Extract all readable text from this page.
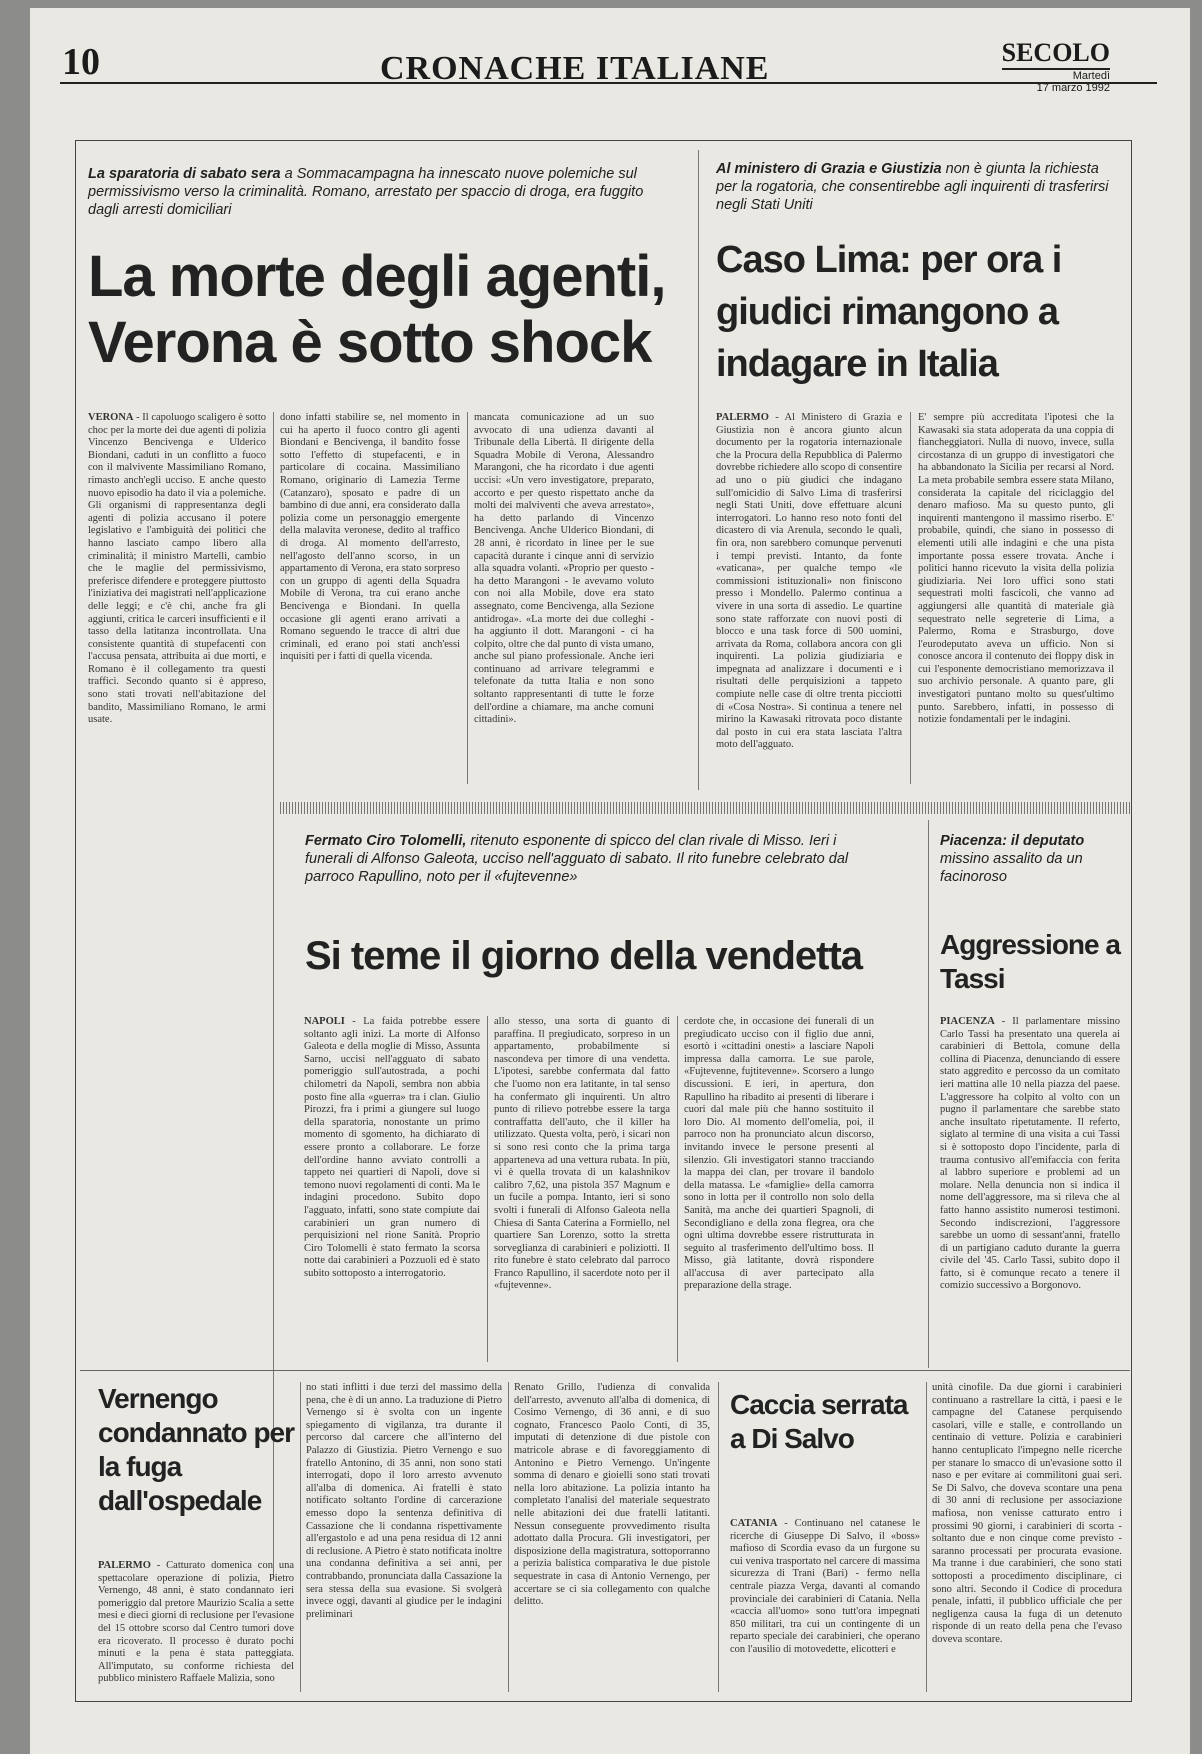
10	CRONACHE ITALIANE	SECOLO
Martedì
17 marzo 1992
La sparatoria di sabato sera a Sommacampagna ha innescato nuove polemiche sul permissivismo verso la criminalità. Romano, arrestato per spaccio di droga, era fuggito dagli arresti domiciliari
La morte degli agenti, Verona è sotto shock
VERONA - Il capoluogo scaligero è sotto choc per la morte dei due agenti di polizia Vincenzo Bencivenga e Ulderico Biondani, caduti in un conflitto a fuoco con il malvivente Massimiliano Romano, rimasto anch'egli ucciso. E anche questo nuovo episodio ha dato il via a polemiche. Gli organismi di rappresentanza degli agenti di polizia accusano il potere legislativo e l'ambiguità dei politici che hanno lasciato campo libero alla criminalità; il ministro Martelli, cambio che le maglie del permissivismo, preferisce difendere e proteggere piuttosto l'iniziativa dei magistrati nell'applicazione delle leggi; e c'è chi, anche fra gli aggiunti, critica le carceri insufficienti e il tasso della latitanza incontrollata. Una consistente quantità di stupefacenti con l'accusa pensata, attribuita ai due morti, e Romano è il collegamento tra questi traffici. Secondo quanto si è appreso, sono stati trovati nell'abitazione del bandito, Massimiliano Romano, le armi usate.
dono infatti stabilire se, nel momento in cui ha aperto il fuoco contro gli agenti Biondani e Bencivenga, il bandito fosse sotto l'effetto di stupefacenti, e in particolare di cocaina. Massimiliano Romano, originario di Lamezia Terme (Catanzaro), sposato e padre di un bambino di due anni, era considerato dalla polizia come un personaggio emergente della malavita veronese, dedito al traffico di droga. Al momento dell'arresto, nell'agosto dell'anno scorso, in un appartamento di Verona, era stato sorpreso con un gruppo di agenti della Squadra Mobile di Verona, tra cui erano anche Bencivenga e Biondani. In quella occasione gli agenti erano arrivati a Romano seguendo le tracce di altri due criminali, ed erano poi stati anch'essi inquisiti per i fatti di quella vicenda.
mancata comunicazione ad un suo avvocato di una udienza davanti al Tribunale della Libertà. Il dirigente della Squadra Mobile di Verona, Alessandro Marangoni, che ha ricordato i due agenti uccisi: «Un vero investigatore, preparato, accorto e per questo rispettato anche da molti dei malviventi che aveva arrestato», ha detto parlando di Vincenzo Bencivenga. Anche Ulderico Biondani, di 28 anni, è ricordato in linee per le sue capacità durante i cinque anni di servizio alla squadra volanti. «Proprio per questo - ha detto Marangoni - le avevamo voluto con noi alla Mobile, dove era stato assegnato, come Bencivenga, alla Sezione antidroga». «La morte dei due colleghi - ha aggiunto il dott. Marangoni - ci ha colpito, oltre che dal punto di vista umano, anche sul piano professionale. Anche ieri continuano ad arrivare telegrammi e telefonate da tutta Italia e non sono soltanto rappresentanti di tutte le forze dell'ordine a chiamare, ma anche comuni cittadini».
Al ministero di Grazia e Giustizia non è giunta la richiesta per la rogatoria, che consentirebbe agli inquirenti di trasferirsi negli Stati Uniti
Caso Lima: per ora i giudici rimangono a indagare in Italia
PALERMO - Al Ministero di Grazia e Giustizia non è ancora giunto alcun documento per la rogatoria internazionale che la Procura della Repubblica di Palermo dovrebbe richiedere allo scopo di consentire ad uno o più giudici che indagano sull'omicidio di Salvo Lima di trasferirsi negli Stati Uniti, dove effettuare alcuni interrogatori. Lo hanno reso noto fonti del dicastero di via Arenula, secondo le quali, fin ora, non sarebbero comunque pervenuti i tempi previsti. Intanto, da fonte «vaticana», per qualche tempo «le commissioni istituzionali» non finiscono presso i Mondello. Palermo continua a vivere in una sorta di assedio. Le quartine sono state rafforzate con nuovi posti di blocco e una task force di 500 uomini, arrivata da Roma, collabora ancora con gli inquirenti. La polizia giudiziaria e impegnata ad analizzare i documenti e i risultati delle perquisizioni a tappeto compiute nelle case di oltre trenta picciotti di «Cosa Nostra». Si continua a tenere nel mirino la Kawasaki ritrovata poco distante dal posto in cui era stata lasciata l'altra moto dell'agguato.
E' sempre più accreditata l'ipotesi che la Kawasaki sia stata adoperata da una coppia di fiancheggiatori. Nulla di nuovo, invece, sulla circostanza di un gruppo di investigatori che ha abbandonato la Sicilia per recarsi al Nord. La meta probabile sembra essere stata Milano, considerata la capitale del riciclaggio del denaro mafioso. Ma su questo punto, gli inquirenti mantengono il massimo riserbo. E' probabile, quindi, che siano in possesso di elementi utili alle indagini e che una pista importante possa essere trovata. Anche i politici hanno ricevuto la visita della polizia giudiziaria. Nei loro uffici sono stati sequestrati molti fascicoli, che vanno ad aggiungersi alle quantità di materiale già sequestrato nelle segreterie di Lima, a Palermo, Roma e Strasburgo, dove l'eurodeputato aveva un ufficio. Non si conosce ancora il contenuto dei floppy disk in cui l'esponente democristiano memorizzava il suo archivio personale. A quanto pare, gli investigatori puntano molto su quest'ultimo punto. Sarebbero, infatti, in possesso di notizie fondamentali per le indagini.
Fermato Ciro Tolomelli, ritenuto esponente di spicco del clan rivale di Misso. Ieri i funerali di Alfonso Galeota, ucciso nell'agguato di sabato. Il rito funebre celebrato dal parroco Rapullino, noto per il «fujtevenne»
Si teme il giorno della vendetta
NAPOLI - La faida potrebbe essere soltanto agli inizi. La morte di Alfonso Galeota e della moglie di Misso, Assunta Sarno, uccisi nell'agguato di sabato pomeriggio sull'autostrada, a pochi chilometri da Napoli, sembra non abbia posto fine alla «guerra» tra i clan. Giulio Pirozzi, fra i primi a giungere sul luogo della sparatoria, nonostante un primo momento di sgomento, ha dichiarato di essere pronto a collaborare. Le forze dell'ordine hanno avviato controlli a tappeto nei quartieri di Napoli, dove si temono nuovi regolamenti di conti. Ma le indagini procedono. Subito dopo l'agguato, infatti, sono state compiute dai carabinieri un gran numero di perquisizioni nel rione Sanità. Proprio Ciro Tolomelli è stato fermato la scorsa notte dai carabinieri a Pozzuoli ed è stato subito sottoposto a interrogatorio.
allo stesso, una sorta di guanto di paraffina. Il pregiudicato, sorpreso in un appartamento, probabilmente si nascondeva per timore di una vendetta. L'ipotesi, sarebbe confermata dal fatto che l'uomo non era latitante, in tal senso ha confermato gli inquirenti. Un altro punto di rilievo potrebbe essere la targa contraffatta dell'auto, che il killer ha utilizzato. Questa volta, però, i sicari non si sono resi conto che la prima targa apparteneva ad una vettura rubata. In più, vi è quella trovata di un kalashnikov calibro 7,62, una pistola 357 Magnum e un fucile a pompa. Intanto, ieri si sono svolti i funerali di Alfonso Galeota nella Chiesa di Santa Caterina a Formiello, nel quartiere San Lorenzo, sotto la stretta sorveglianza di carabinieri e poliziotti. Il rito funebre è stato celebrato dal parroco Franco Rapullino, il sacerdote noto per il «fujtevenne».
cerdote che, in occasione dei funerali di un pregiudicato ucciso con il figlio due anni, esortò i «cittadini onesti» a lasciare Napoli impressa dalla camorra. Le sue parole, «Fujtevenne, fujtitevenne». Scorsero a lungo discussioni. E ieri, in apertura, don Rapullino ha ribadito ai presenti di liberare i cuori dal male più che hanno sostituito il loro Dio. Al momento dell'omelia, poi, il parroco non ha pronunciato alcun discorso, invitando invece le persone presenti al silenzio. Gli investigatori stanno tracciando la mappa dei clan, per trovare il bandolo della matassa. Le «famiglie» della camorra sono in lotta per il controllo non solo della Sanità, ma anche dei quartieri Spagnoli, di Secondigliano e della zona flegrea, ora che ogni ultima dovrebbe essere ristrutturata in seguito al trasferimento dell'ultimo boss. Il Misso, già latitante, dovrà rispondere all'accusa di aver partecipato alla preparazione della strage.
Piacenza: il deputato missino assalito da un facinoroso
Aggressione a Tassi
PIACENZA - Il parlamentare missino Carlo Tassi ha presentato una querela ai carabinieri di Bettola, comune della collina di Piacenza, denunciando di essere stato aggredito e percosso da un comitato ieri mattina alle 10 nella piazza del paese. L'aggressore ha colpito al volto con un pugno il parlamentare che sarebbe stato anche insultato ripetutamente. Il referto, siglato al termine di una visita a cui Tassi si è sottoposto dopo l'incidente, parla di trauma contusivo all'emifaccia con ferita al labbro superiore e problemi ad un molare. Nella denuncia non si indica il nome dell'aggressore, ma si rileva che al fatto hanno assistito numerosi testimoni. Secondo indiscrezioni, l'aggressore sarebbe un uomo di sessant'anni, fratello di un partigiano caduto durante la guerra civile del '45. Carlo Tassi, subito dopo il fatto, si è comunque recato a tenere il comizio successivo a Borgonovo.
Vernengo condannato per la fuga dall'ospedale
PALERMO - Catturato domenica con una spettacolare operazione di polizia, Pietro Vernengo, 48 anni, è stato condannato ieri pomeriggio dal pretore Maurizio Scalia a sette mesi e dieci giorni di reclusione per l'evasione del 15 ottobre scorso dal Centro tumori dove era ricoverato. Il processo è durato pochi minuti e la pena è stata patteggiata. All'imputato, su conforme richiesta del pubblico ministero Raffaele Malizia, sono
no stati inflitti i due terzi del massimo della pena, che è di un anno. La traduzione di Pietro Vernengo si è svolta con un ingente spiegamento di vigilanza, tra durante il percorso dal carcere che all'interno del Palazzo di Giustizia. Pietro Vernengo e suo fratello Antonino, di 35 anni, non sono stati interrogati, dopo il loro arresto avvenuto all'alba di domenica. Ai fratelli è stato notificato soltanto l'ordine di carcerazione emesso dopo la sentenza definitiva di Cassazione che li condanna rispettivamente all'ergastolo e ad una pena residua di 12 anni di reclusione. A Pietro è stato notificata inoltre una condanna definitiva a sei anni, per contrabbando, pronunciata dalla Cassazione la sera stessa della sua evasione. Si svolgerà invece oggi, davanti al giudice per le indagini preliminari
Renato Grillo, l'udienza di convalida dell'arresto, avvenuto all'alba di domenica, di Cosimo Vernengo, di 36 anni, e di suo cognato, Francesco Paolo Conti, di 35, imputati di detenzione di due pistole con matricole abrase e di favoreggiamento di Antonino e Pietro Vernengo. Un'ingente somma di denaro e gioielli sono stati trovati nella loro abitazione. La polizia intanto ha completato l'analisi del materiale sequestrato nelle abitazioni dei due fratelli latitanti. Nessun conseguente provvedimento risulta adottato dalla Procura. Gli investigatori, per disposizione della magistratura, sottoporranno a perizia balistica comparativa le due pistole sequestrate in casa di Antonio Vernengo, per accertare se ci sia collegamento con qualche delitto.
Caccia serrata a Di Salvo
CATANIA - Continuano nel catanese le ricerche di Giuseppe Di Salvo, il «boss» mafioso di Scordia evaso da un furgone su cui veniva trasportato nel carcere di massima sicurezza di Trani (Bari) - fermo nella centrale piazza Verga, davanti al comando provinciale dei carabinieri di Catania. Nella «caccia all'uomo» sono tutt'ora impegnati 850 militari, tra cui un contingente di un reparto speciale dei carabinieri, che operano con l'ausilio di motovedette, elicotteri e
unità cinofile. Da due giorni i carabinieri continuano a rastrellare la città, i paesi e le campagne del Catanese perquisendo casolari, ville e stalle, e controllando un centinaio di vetture. Polizia e carabinieri hanno centuplicato l'impegno nelle ricerche per stanare lo smacco di un'evasione sotto il naso e per evitare ai commilitoni guai seri. Se Di Salvo, che doveva scontare una pena di 30 anni di reclusione per associazione mafiosa, non venisse catturato entro i prossimi 90 giorni, i carabinieri di scorta - soltanto due e non cinque come previsto - saranno processati per procurata evasione. Ma tranne i due carabinieri, che sono stati sottoposti a procedimento disciplinare, ci sono altri. Secondo il Codice di procedura penale, infatti, il pubblico ufficiale che per negligenza causa la fuga di un detenuto risponde di un reato della pena che l'evaso doveva scontare.
